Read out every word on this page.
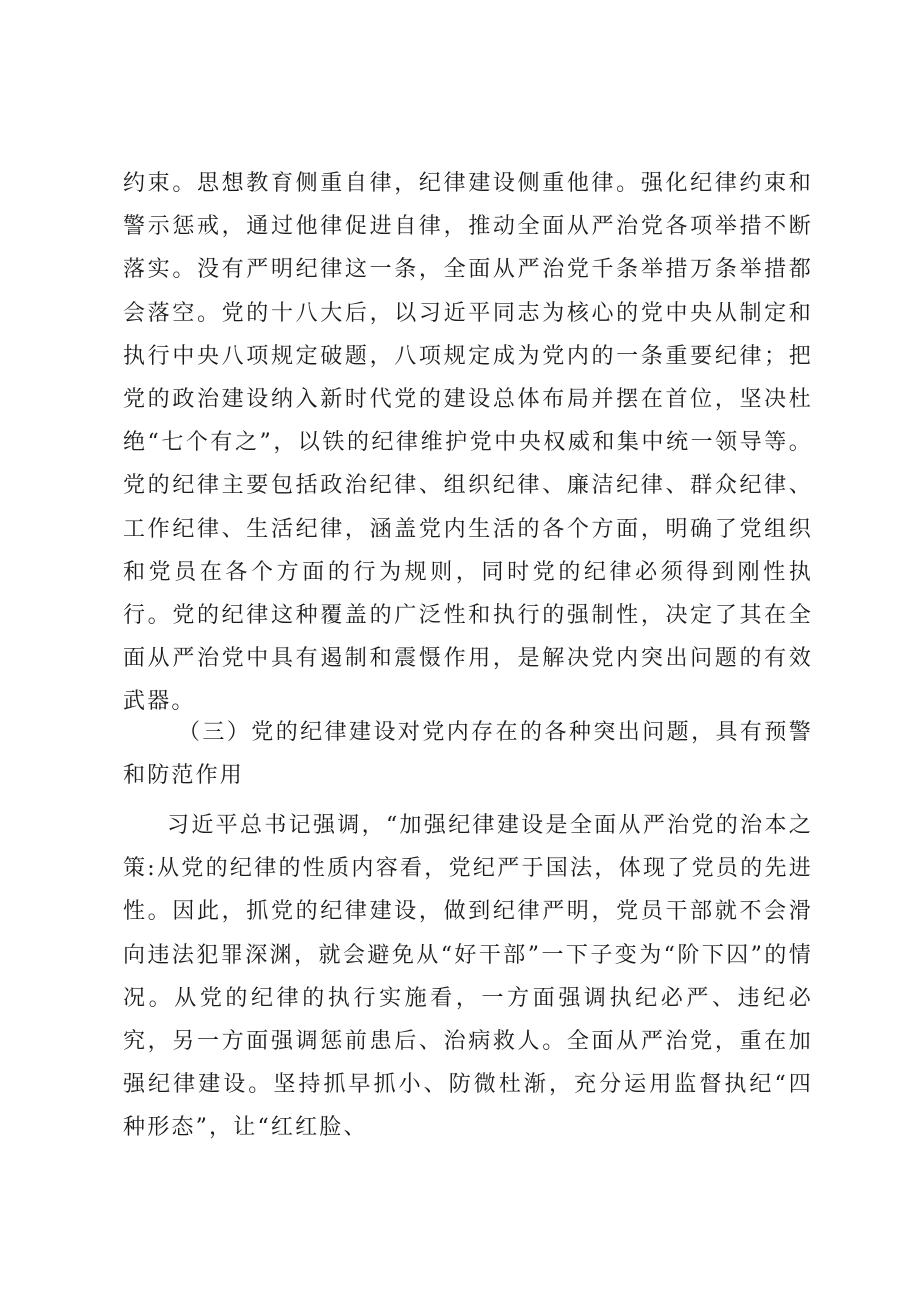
约束。思想教育侧重自律，纪律建设侧重他律。强化纪律约束和警示惩戒，通过他律促进自律，推动全面从严治党各项举措不断落实。没有严明纪律这一条，全面从严治党千条举措万条举措都会落空。党的十八大后，以习近平同志为核心的党中央从制定和执行中央八项规定破题，八项规定成为党内的一条重要纪律；把党的政治建设纳入新时代党的建设总体布局并摆在首位，坚决杜绝“七个有之”，以铁的纪律维护党中央权威和集中统一领导等。党的纪律主要包括政治纪律、组织纪律、廉洁纪律、群众纪律、工作纪律、生活纪律，涵盖党内生活的各个方面，明确了党组织和党员在各个方面的行为规则，同时党的纪律必须得到刚性执行。党的纪律这种覆盖的广泛性和执行的强制性，决定了其在全面从严治党中具有遏制和震慑作用，是解决党内突出问题的有效武器。

（三）党的纪律建设对党内存在的各种突出问题，具有预警和防范作用

习近平总书记强调，“加强纪律建设是全面从严治党的治本之策:从党的纪律的性质内容看，党纪严于国法，体现了党员的先进性。因此，抓党的纪律建设，做到纪律严明，党员干部就不会滑向违法犯罪深渊，就会避免从“好干部”一下子变为“阶下囚”的情况。从党的纪律的执行实施看，一方面强调执纪必严、违纪必究，另一方面强调惩前患后、治病救人。全面从严治党，重在加强纪律建设。坚持抓早抓小、防微杜渐，充分运用监督执纪“四种形态”，让“红红脸、
